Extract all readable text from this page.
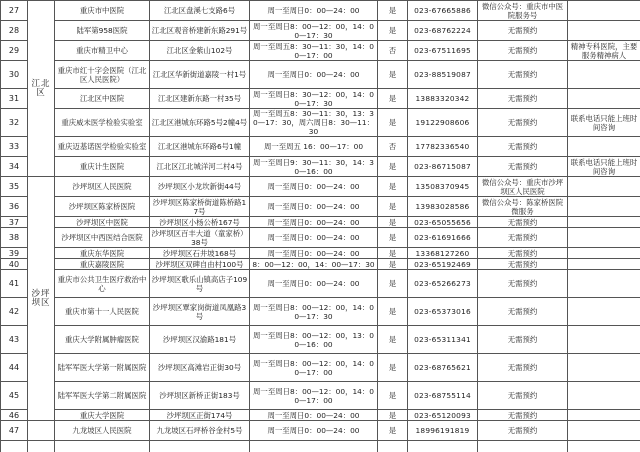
27	江北区	重庆市中医院	江北区盘溪七支路6号	周一至周日0：00—24：00	是	023-67665886	微信公众号：重庆市中医院服务号	
28		陆军第958医院	江北区观音桥建新东路291号	周一至周日8：00—12：00，14：00—17：30	是	023-68762224	无需预约	
29		重庆市精卫中心	江北区金紫山102号	周一至周五8：30—11：30，14：00—17：00	否	023-67511695	无需预约	精神专科医院，主要服务精神病人
30		重庆市红十字会医院（江北区人民医院）	江北区华新街道嘉陵一村1号	周一至周日0：00—24：00	是	023-88519087	无需预约	
31		江北区中医院	江北区建新东路一村35号	周一至周日8：30—12：00，14：00—17：30	是	13883320342	无需预约	
32		重庆威未医学检验实验室	江北区港城东环路5号2幢4号	周一至周五8：30—11：30，13：30—17：30，周六周日8：30—11：30	是	19122908606	无需预约	联系电话只能上班时间咨询
33		重庆迈基诺医学检验实验室	江北区港城东环路6号1幢	周一至周五 16：00—17：00	否	17782336540	无需预约	
34		重庆计生医院	江北区江北城洋河二村4号	周一至周日9：30—11：30，14：30—16：00	是	023-86715087	无需预约	联系电话只能上班时间咨询
35	沙坪坝区	沙坪坝区人民医院	沙坪坝区小龙坎新街44号	周一至周日0：00—24：00	是	13508370945	微信公众号：重庆市沙坪坝区人民医院	
36		沙坪坝区陈家桥医院	沙坪坝区陈家桥街道陈桥路17号	周一至周日0：00—24：00	是	13983028586	微信公众号：陈家桥医院微服务	
37		沙坪坝区中医院	沙坪坝区小杨公桥167号	周一至周日0：00—24：00	是	023-65055656	无需预约	
38		沙坪坝区中西医结合医院	沙坪坝区百丰大道（童家桥）38号	周一至周日0：00—24：00	是	023-61691666	无需预约	
39		重庆东华医院	沙坪坝区石井坡168号	周一至周日0：00—24：00	是	13368127260	无需预约	
40		重庆嘉陵医院	沙坪坝区双碑自由村100号	8：00—12：00，14：00—17：30	是	023-65192469	无需预约	
41		重庆市公共卫生医疗救治中心	沙坪坝区歌乐山镇高店子109号	周一至周日0：00—24：00	是	023-65266273	无需预约	
42		重庆市第十一人民医院	沙坪坝区覃家岗街道凤凰路3号	周一至周日8：00—12：00，14：00—17：30	是	023-65373016	无需预约	
43		重庆大学附属肿瘤医院	沙坪坝区汉渝路181号	周一至周日8：00—12：00，13：00—16：00	是	023-65311341	无需预约	
44		陆军军医大学第一附属医院	沙坪坝区高滩岩正街30号	周一至周日8：00—12：00，14：00—17：00	是	023-68765621	无需预约	
45		陆军军医大学第二附属医院	沙坪坝区新桥正街183号	周一至周日8：00—12：00，14：00—17：00	是	023-68755114	无需预约	
46		重庆大学医院	沙坪坝区正街174号	周一至周日0：00—24：00	是	023-65120093	无需预约	
47		九龙坡区人民医院	九龙坡区石坪桥谷金村5号	周一至周日0：00—24：00	是	18996191819	无需预约	
